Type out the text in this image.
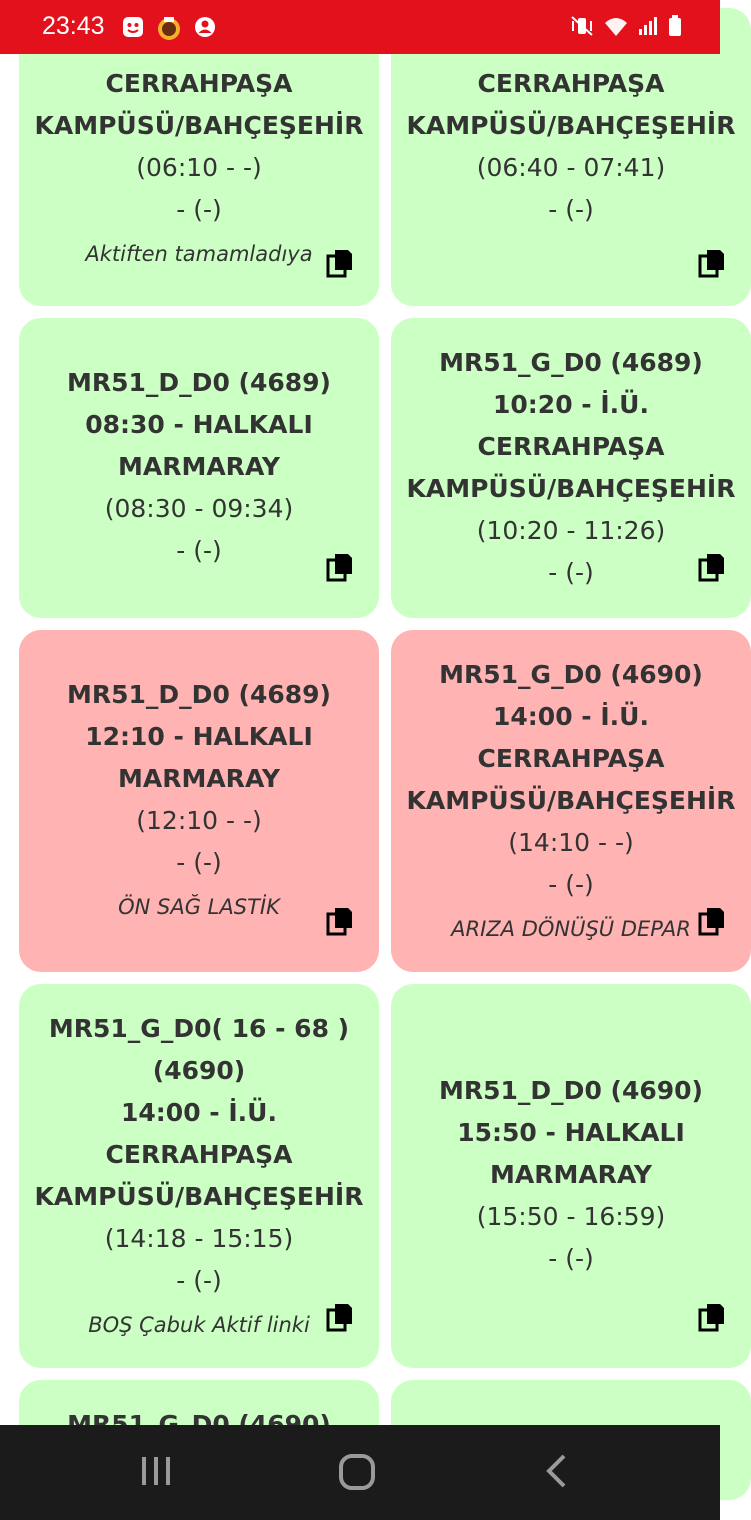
23:43
CERRAHPAŞA
KAMPÜSÜ/BAHÇEŞEHİR
(06:10 - -)
- (-)
Aktiften tamamladıya
CERRAHPAŞA
KAMPÜSÜ/BAHÇEŞEHİR
(06:40 - 07:41)
- (-)
MR51_D_D0 (4689)
08:30 - HALKALI
MARMARAY
(08:30 - 09:34)
- (-)
MR51_G_D0 (4689)
10:20 - İ.Ü.
CERRAHPAŞA
KAMPÜSÜ/BAHÇEŞEHİR
(10:20 - 11:26)
- (-)
MR51_D_D0 (4689)
12:10 - HALKALI
MARMARAY
(12:10 - -)
- (-)
ÖN SAĞ LASTİK
MR51_G_D0 (4690)
14:00 - İ.Ü.
CERRAHPAŞA
KAMPÜSÜ/BAHÇEŞEHİR
(14:10 - -)
- (-)
ARIZA DÖNÜŞÜ DEPAR
MR51_G_D0( 16 - 68 )
(4690)
14:00 - İ.Ü.
CERRAHPAŞA
KAMPÜSÜ/BAHÇEŞEHİR
(14:18 - 15:15)
- (-)
BOŞ Çabuk Aktif linki
MR51_D_D0 (4690)
15:50 - HALKALI
MARMARAY
(15:50 - 16:59)
- (-)
